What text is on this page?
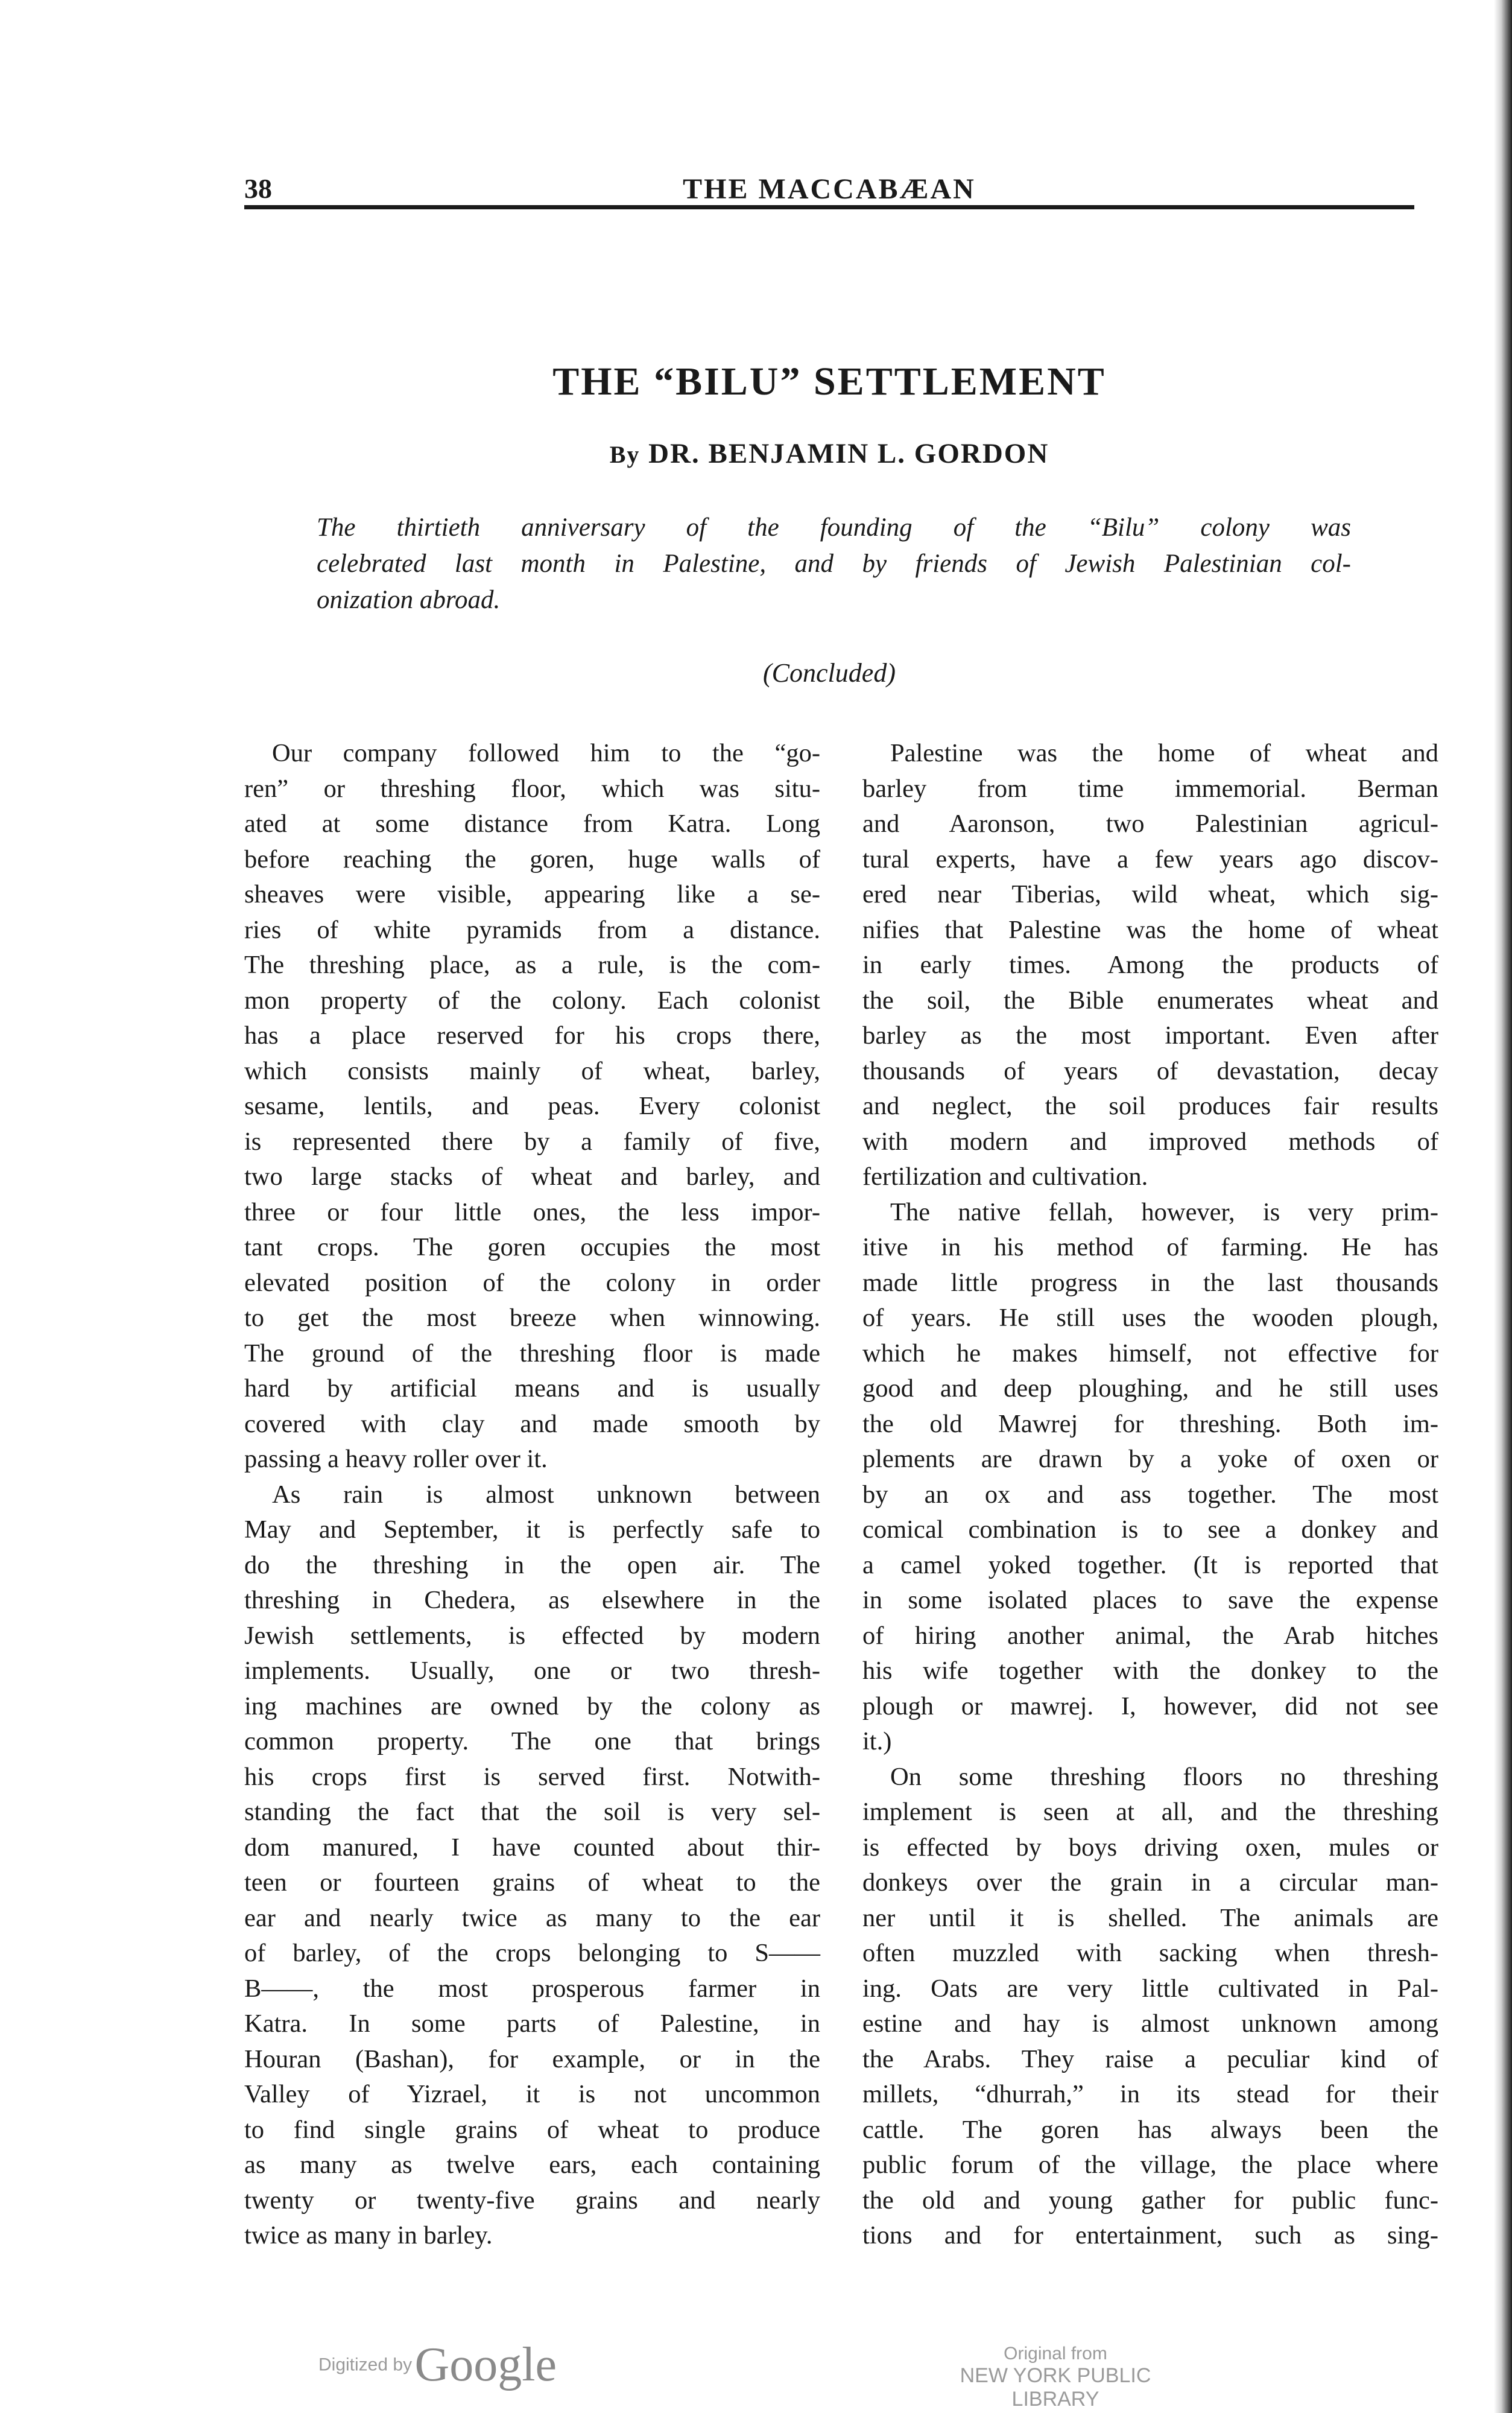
38	THE MACCABÆAN
THE “BILU” SETTLEMENT
By DR. BENJAMIN L. GORDON
The thirtieth anniversary of the founding of the “Bilu” colony was
celebrated last month in Palestine, and by friends of Jewish Palestinian col-
onization abroad.
(Concluded)
Our company followed him to the “go-
ren” or threshing floor, which was situ-
ated at some distance from Katra. Long
before reaching the goren, huge walls of
sheaves were visible, appearing like a se-
ries of white pyramids from a distance.
The threshing place, as a rule, is the com-
mon property of the colony. Each colonist
has a place reserved for his crops there,
which consists mainly of wheat, barley,
sesame, lentils, and peas. Every colonist
is represented there by a family of five,
two large stacks of wheat and barley, and
three or four little ones, the less impor-
tant crops. The goren occupies the most
elevated position of the colony in order
to get the most breeze when winnowing.
The ground of the threshing floor is made
hard by artificial means and is usually
covered with clay and made smooth by
passing a heavy roller over it.
As rain is almost unknown between
May and September, it is perfectly safe to
do the threshing in the open air. The
threshing in Chedera, as elsewhere in the
Jewish settlements, is effected by modern
implements. Usually, one or two thresh-
ing machines are owned by the colony as
common property. The one that brings
his crops first is served first. Notwith-
standing the fact that the soil is very sel-
dom manured, I have counted about thir-
teen or fourteen grains of wheat to the
ear and nearly twice as many to the ear
of barley, of the crops belonging to S——
B——, the most prosperous farmer in
Katra. In some parts of Palestine, in
Houran (Bashan), for example, or in the
Valley of Yizrael, it is not uncommon
to find single grains of wheat to produce
as many as twelve ears, each containing
twenty or twenty-five grains and nearly
twice as many in barley.
Palestine was the home of wheat and
barley from time immemorial. Berman
and Aaronson, two Palestinian agricul-
tural experts, have a few years ago discov-
ered near Tiberias, wild wheat, which sig-
nifies that Palestine was the home of wheat
in early times. Among the products of
the soil, the Bible enumerates wheat and
barley as the most important. Even after
thousands of years of devastation, decay
and neglect, the soil produces fair results
with modern and improved methods of
fertilization and cultivation.
The native fellah, however, is very prim-
itive in his method of farming. He has
made little progress in the last thousands
of years. He still uses the wooden plough,
which he makes himself, not effective for
good and deep ploughing, and he still uses
the old Mawrej for threshing. Both im-
plements are drawn by a yoke of oxen or
by an ox and ass together. The most
comical combination is to see a donkey and
a camel yoked together. (It is reported that
in some isolated places to save the expense
of hiring another animal, the Arab hitches
his wife together with the donkey to the
plough or mawrej. I, however, did not see
it.)
On some threshing floors no threshing
implement is seen at all, and the threshing
is effected by boys driving oxen, mules or
donkeys over the grain in a circular man-
ner until it is shelled. The animals are
often muzzled with sacking when thresh-
ing. Oats are very little cultivated in Pal-
estine and hay is almost unknown among
the Arabs. They raise a peculiar kind of
millets, “dhurrah,” in its stead for their
cattle. The goren has always been the
public forum of the village, the place where
the old and young gather for public func-
tions and for entertainment, such as sing-
Digitized by Google	Original from
NEW YORK PUBLIC LIBRARY
